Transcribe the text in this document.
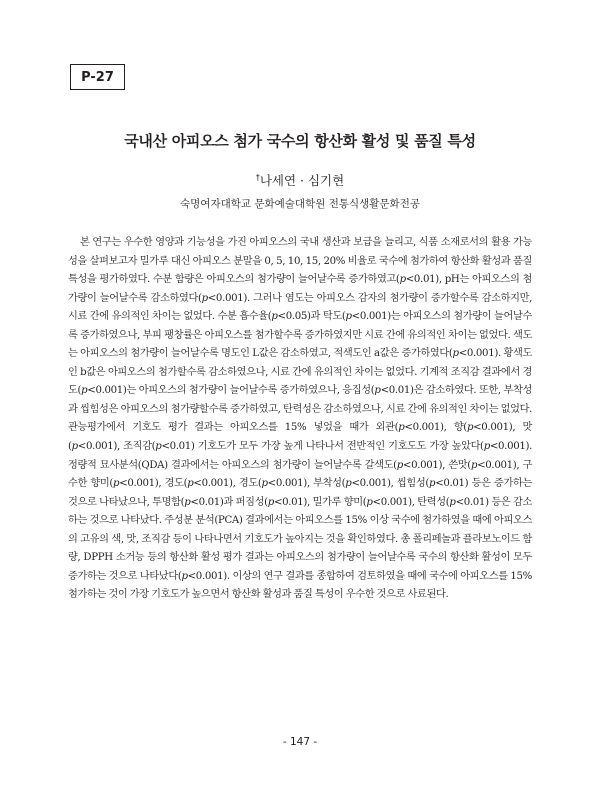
P-27
국내산 아피오스 첨가 국수의 항산화 활성 및 품질 특성
†나세연 · 심기현
숙명여자대학교 문화예술대학원 전통식생활문화전공

본 연구는 우수한 영양과 기능성을 가진 아피오스의 국내 생산과 보급을 늘리고, 식품 소재로서의 활용 가능성을 살펴보고자 밀가루 대신 아피오스 분말을 0, 5, 10, 15, 20% 비율로 국수에 첨가하여 항산화 활성과 품질 특성을 평가하였다. 수분 함량은 아피오스의 첨가량이 늘어날수록 증가하였고(p<0.01), pH는 아피오스의 첨가량이 늘어날수록 감소하였다(p<0.001). 그러나 염도는 아피오스 감자의 첨가량이 증가할수록 감소하지만, 시료 간에 유의적인 차이는 없었다. 수분 흡수율(p<0.05)과 탁도(p<0.001)는 아피오스의 첨가량이 늘어날수록 증가하였으나, 부피 팽창률은 아피오스를 첨가할수록 증가하였지만 시료 간에 유의적인 차이는 없었다. 색도는 아피오스의 첨가량이 늘어날수록 명도인 L값은 감소하였고, 적색도인 a값은 증가하였다(p<0.001). 황색도인 b값은 아피오스의 첨가할수록 감소하였으나, 시료 간에 유의적인 차이는 없었다. 기계적 조직감 결과에서 경도(p<0.001)는 아피오스의 첨가량이 늘어날수록 증가하였으나, 응집성(p<0.01)은 감소하였다. 또한, 부착성과 씹힘성은 아피오스의 첨가량할수록 증가하였고, 탄력성은 감소하였으나, 시료 간에 유의적인 차이는 없었다. 관능평가에서 기호도 평가 결과는 아피오스를 15% 넣었을 때가 외관(p<0.001), 향(p<0.001), 맛(p<0.001), 조직감(p<0.01) 기호도가 모두 가장 높게 나타나서 전반적인 기호도도 가장 높았다(p<0.001). 정량적 묘사분석(QDA) 결과에서는 아피오스의 첨가량이 늘어날수록 갈색도(p<0.001), 쓴맛(p<0.001), 구수한 향미(p<0.001), 경도(p<0.001), 경도(p<0.001), 부착성(p<0.001), 씹힘성(p<0.01) 등은 증가하는 것으로 나타났으나, 투명함(p<0.01)과 퍼짐성(p<0.01), 밀가루 향미(p<0.001), 탄력성(p<0.01) 등은 감소하는 것으로 나타났다. 주성분 분석(PCA) 결과에서는 아피오스를 15% 이상 국수에 첨가하였을 때에 아피오스의 고유의 색, 맛, 조직감 등이 나타나면서 기호도가 높아지는 것을 확인하였다. 총 폴리페놀과 플라보노이드 함량, DPPH 소거능 등의 항산화 활성 평가 결과는 아피오스의 첨가량이 늘어날수록 국수의 항산화 활성이 모두 증가하는 것으로 나타났다(p<0.001). 이상의 연구 결과를 종합하여 검토하였을 때에 국수에 아피오스를 15% 첨가하는 것이 가장 기호도가 높으면서 항산화 활성과 품질 특성이 우수한 것으로 사료된다.

- 147 -
